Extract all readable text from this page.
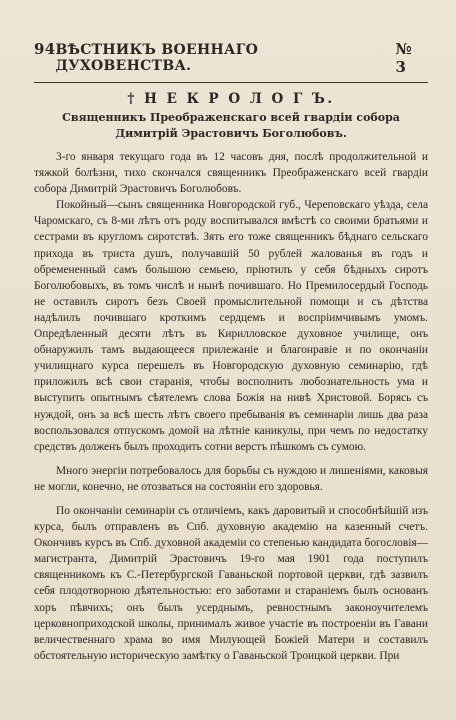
94 ВѢСТНИКЪ ВОЕННАГО ДУХОВЕНСТВА.
№ 3
† Н Е К Р О Л О Г Ъ.
Священникъ Преображенскаго всей гвардiи собора Димитрiй Эрастовичъ Боголюбовъ.

3-го января текущаго года въ 12 часовъ дня, послѣ продолжительной и тяжкой болѣзни, тихо скончался священникъ Преображенскаго всей гвардiи собора Димитрiй Эрастовичъ Боголюбовъ.

Покойный—сынъ священника Новгородской губ., Череповскаго уѣзда, села Чаромскаго, съ 8-ми лѣтъ отъ роду воспитывался вмѣстѣ со своими братьями и сестрами въ кругломъ сиротствѣ. Зять его тоже священникъ бѣднаго сельскаго прихода въ триста душъ, получавшiй 50 рублей жалованья въ годъ и обремененный самъ большою семьею, прiютилъ у себя бѣдныхъ сиротъ Боголюбовыхъ, въ томъ числѣ и нынѣ почившаго. Но Премилосердый Господь не оставилъ сиротъ безъ Своей промыслительной помощи и съ дѣтства надѣлилъ почившаго кроткимъ сердцемъ и воспрiимчивымъ умомъ. Опредѣленный десяти лѣтъ въ Кирилловское духовное училище, онъ обнаружилъ тамъ выдающееся прилежанiе и благонравiе и по окончанiи училищнаго курса перешелъ въ Новгородскую духовную семинарiю, гдѣ приложилъ всѣ свои старанiя, чтобы восполнить любознательность ума и выступить опытнымъ сѣятелемъ слова Божiя на нивѣ Христовой. Борясь съ нуждой, онъ за всѣ шесть лѣтъ своего пребыванiя въ семинарiи лишь два раза воспользовался отпускомъ домой на лѣтнiе каникулы, при чемъ по недостатку средствъ долженъ былъ проходить сотни верстъ пѣшкомъ съ сумою.

Много энергiи потребовалось для борьбы съ нуждою и лишенiями, каковыя не могли, конечно, не отозваться на состоянiи его здоровья.

По окончанiи семинарiи съ отличiемъ, какъ даровитый и способнѣйшiй изъ курса, былъ отправленъ въ Спб. духовную академiю на казенный счетъ. Окончивъ курсъ въ Спб. духовной академiи со степенью кандидата богословiя—магистранта, Димитрiй Эрастовичъ 19-го мая 1901 года поступилъ священникомъ къ С.-Петербургской Гаваньской портовой церкви, гдѣ зазвилъ себя плодотворною дѣятельностью: его заботами и старанiемъ былъ основанъ хоръ пѣвчихъ; онъ былъ усерднымъ, ревностнымъ законоучителемъ церковноприходской школы, принималъ живое участiе въ построенiи въ Гавани величественнаго храма во имя Милующей Божiей Матери и составилъ обстоятельную историческую замѣтку о Гаваньской Троицкой церкви. При
